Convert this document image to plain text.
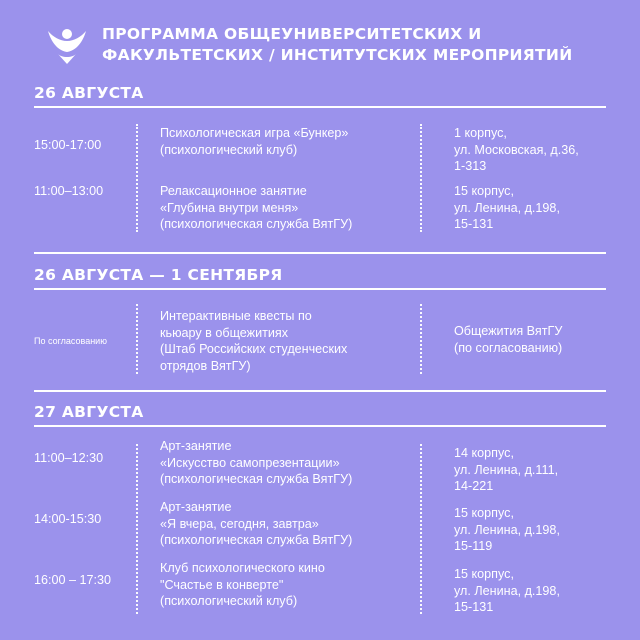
ПРОГРАММА ОБЩЕУНИВЕРСИТЕТСКИХ И
ФАКУЛЬТЕТСКИХ / ИНСТИТУТСКИХ МЕРОПРИЯТИЙ
26 АВГУСТА
15:00-17:00
Психологическая игра «Бункер»
(психологический клуб)
1 корпус,
ул. Московская, д.36,
1-313
11:00–13:00	Релаксационное занятие
«Глубина внутри меня»
(психологическая служба ВятГУ)
15 корпус,
ул. Ленина, д.198,
15-131
26 АВГУСТА — 1 СЕНТЯБРЯ
По согласованию
Интерактивные квесты по
кьюару в общежитиях
(Штаб Российских студенческих
отрядов ВятГУ)
Общежития ВятГУ
(по согласованию)
27 АВГУСТА
11:00–12:30
Арт-занятие
«Искусство самопрезентации»
(психологическая служба ВятГУ)
14 корпус,
ул. Ленина, д.111,
14-221
14:00-15:30
Арт-занятие
«Я вчера, сегодня, завтра»
(психологическая служба ВятГУ)
15 корпус,
ул. Ленина, д.198,
15-119
16:00 – 17:30
Клуб психологического кино
"Счастье в конверте"
(психологический клуб)
15 корпус,
ул. Ленина, д.198,
15-131
